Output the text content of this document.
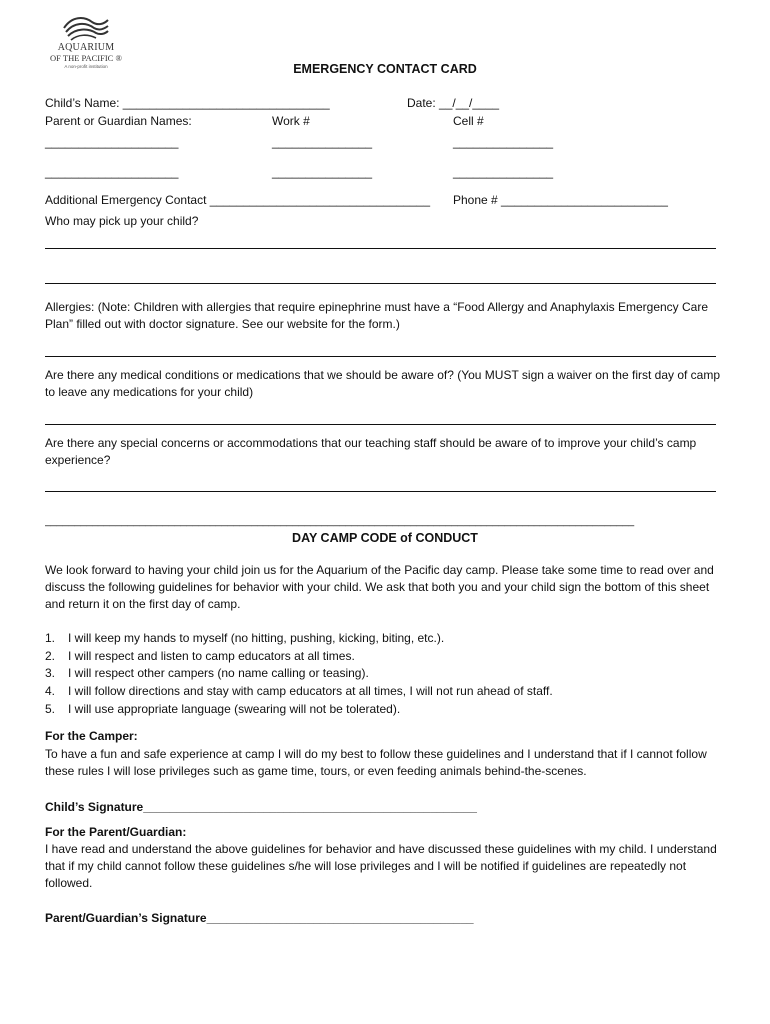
AQUARIUM
OF THE PACIFIC ®
A non-profit institution	EMERGENCY CONTACT CARD
Child’s Name: _______________________________	Date: __/__/____
Parent or Guardian Names:	Work #	Cell #
____________________	_______________	_______________
____________________	_______________	_______________
Additional Emergency Contact _________________________________ Phone # _________________________
Who may pick up your child?
Allergies: (Note: Children with allergies that require epinephrine must have a “Food Allergy and Anaphylaxis Emergency Care Plan” filled out with doctor signature. See our website for the form.)
Are there any medical conditions or medications that we should be aware of? (You MUST sign a waiver on the first day of camp to leave any medications for your child)
Are there any special concerns or accommodations that our teaching staff should be aware of to improve your child’s camp experience?
____________________________________________________________________________________________________
DAY CAMP CODE of CONDUCT
We look forward to having your child join us for the Aquarium of the Pacific day camp. Please take some time to read over and discuss the following guidelines for behavior with your child. We ask that both you and your child sign the bottom of this sheet and return it on the first day of camp.
1. I will keep my hands to myself (no hitting, pushing, kicking, biting, etc.).
2. I will respect and listen to camp educators at all times.
3. I will respect other campers (no name calling or teasing).
4. I will follow directions and stay with camp educators at all times, I will not run ahead of staff.
5. I will use appropriate language (swearing will not be tolerated).
For the Camper:
To have a fun and safe experience at camp I will do my best to follow these guidelines and I understand that if I cannot follow these rules I will lose privileges such as game time, tours, or even feeding animals behind-the-scenes.
Child’s Signature__________________________________________________
For the Parent/Guardian:
I have read and understand the above guidelines for behavior and have discussed these guidelines with my child. I understand that if my child cannot follow these guidelines s/he will lose privileges and I will be notified if guidelines are repeatedly not followed.
Parent/Guardian’s Signature________________________________________
